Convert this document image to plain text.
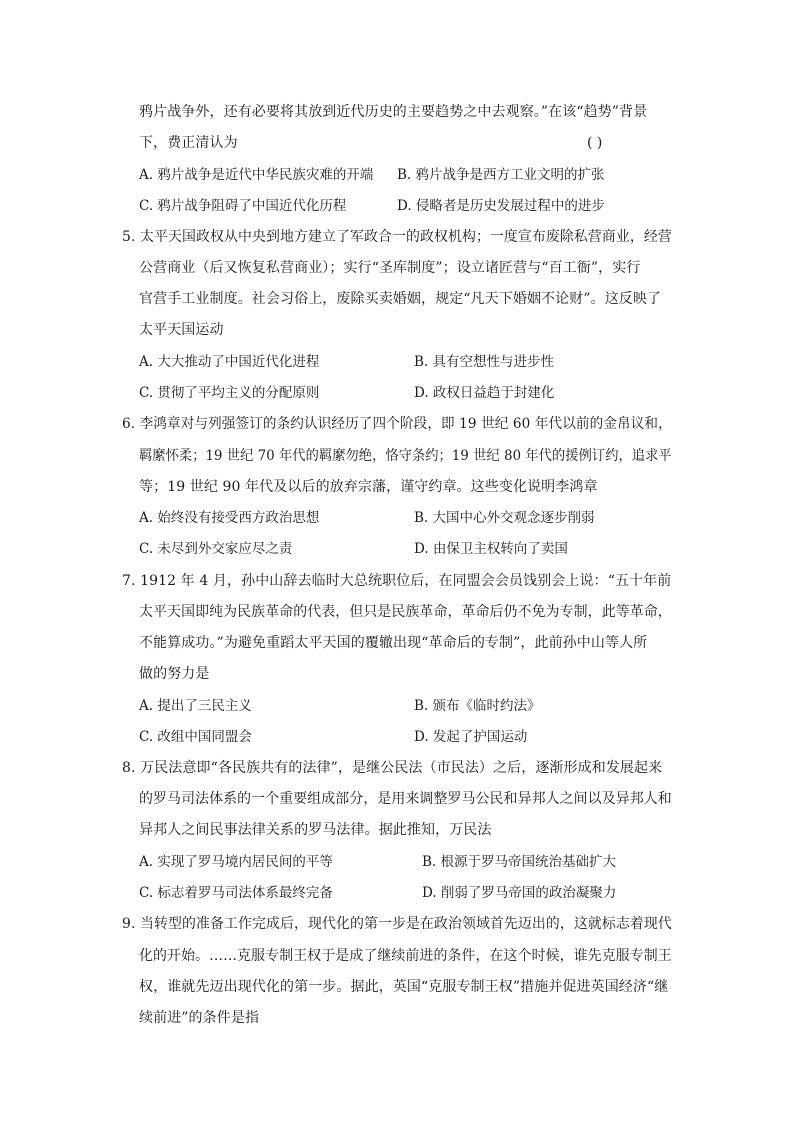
鸦片战争外，还有必要将其放到近代历史的主要趋势之中去观察。”在该“趋势”背景
下，费正清认为	( )
A. 鸦片战争是近代中华民族灾难的开端 B. 鸦片战争是西方工业文明的扩张
C. 鸦片战争阻碍了中国近代化历程	D. 侵略者是历史发展过程中的进步
5. 太平天国政权从中央到地方建立了军政合一的政权机构；一度宣布废除私营商业，经营
公营商业（后又恢复私营商业）；实行“圣库制度”；设立诸匠营与“百工衙”，实行
官营手工业制度。社会习俗上，废除买卖婚姻，规定“凡天下婚姻不论财”。这反映了
太平天国运动
A. 大大推动了中国近代化进程	B. 具有空想性与进步性
C. 贯彻了平均主义的分配原则	D. 政权日益趋于封建化
6. 李鸿章对与列强签订的条约认识经历了四个阶段，即 19 世纪 60 年代以前的金帛议和，
羁縻怀柔；19 世纪 70 年代的羁縻勿绝，恪守条约；19 世纪 80 年代的援例订约，追求平
等；19 世纪 90 年代及以后的放弃宗藩，谨守约章。这些变化说明李鸿章
A. 始终没有接受西方政治思想	B. 大国中心外交观念逐步削弱
C. 未尽到外交家应尽之责	D. 由保卫主权转向了卖国
7. 1912 年 4 月，孙中山辞去临时大总统职位后，在同盟会会员饯别会上说：“五十年前
太平天国即纯为民族革命的代表，但只是民族革命，革命后仍不免为专制，此等革命，
不能算成功。”为避免重蹈太平天国的覆辙出现“革命后的专制”，此前孙中山等人所
做的努力是
A. 提出了三民主义	B. 颁布《临时约法》
C. 改组中国同盟会	D. 发起了护国运动
8. 万民法意即“各民族共有的法律”，是继公民法（市民法）之后，逐渐形成和发展起来
的罗马司法体系的一个重要组成部分，是用来调整罗马公民和异邦人之间以及异邦人和
异邦人之间民事法律关系的罗马法律。据此推知，万民法
A. 实现了罗马境内居民间的平等	B. 根源于罗马帝国统治基础扩大
C. 标志着罗马司法体系最终完备	D. 削弱了罗马帝国的政治凝聚力
9. 当转型的准备工作完成后，现代化的第一步是在政治领域首先迈出的，这就标志着现代
化的开始。……克服专制王权于是成了继续前进的条件，在这个时候，谁先克服专制王
权，谁就先迈出现代化的第一步。据此，英国“克服专制王权”措施并促进英国经济“继
续前进”的条件是指
